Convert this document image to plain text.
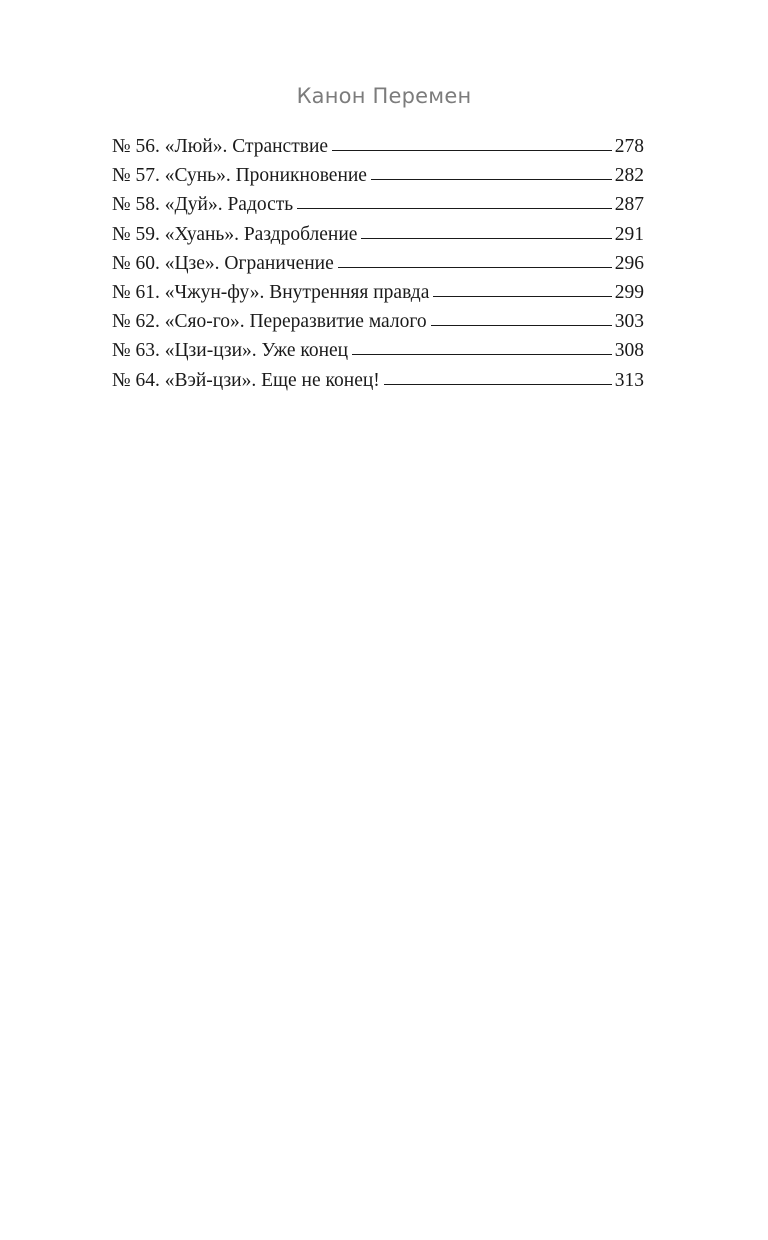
Канон Перемен
№ 56. «Люй». Странствие	278
№ 57. «Сунь». Проникновение	282
№ 58. «Дуй». Радость	287
№ 59. «Хуань». Раздробление	291
№ 60. «Цзе». Ограничение	296
№ 61. «Чжун-фу». Внутренняя правда	299
№ 62. «Сяо-го». Переразвитие малого	303
№ 63. «Цзи-цзи». Уже конец	308
№ 64. «Вэй-цзи». Еще не конец!	313
